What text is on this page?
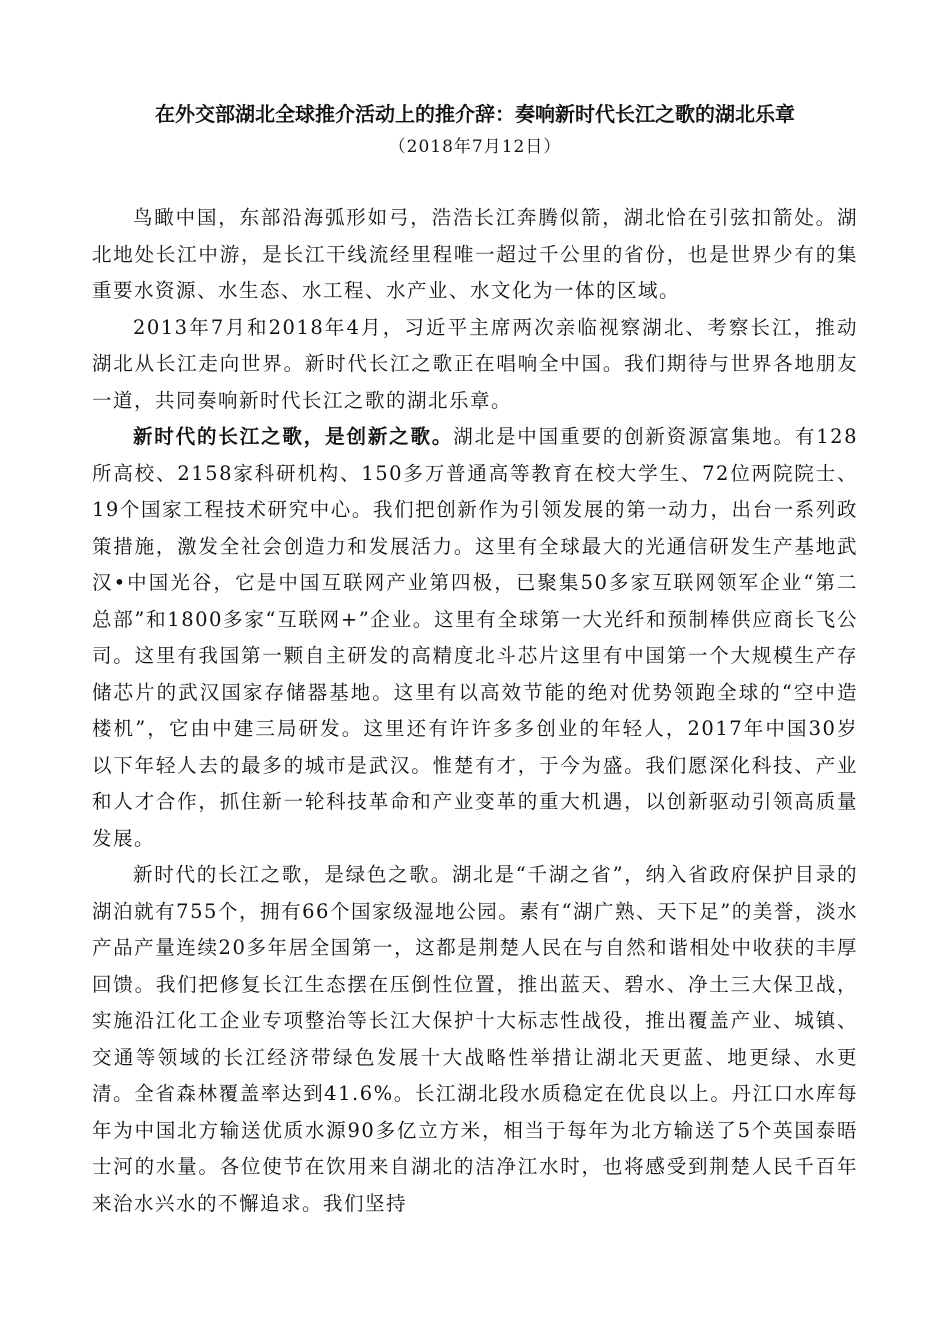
在外交部湖北全球推介活动上的推介辞：奏响新时代长江之歌的湖北乐章
（2018年7月12日）

鸟瞰中国，东部沿海弧形如弓，浩浩长江奔腾似箭，湖北恰在引弦扣箭处。湖北地处长江中游，是长江干线流经里程唯一超过千公里的省份，也是世界少有的集重要水资源、水生态、水工程、水产业、水文化为一体的区域。

2013年7月和2018年4月，习近平主席两次亲临视察湖北、考察长江，推动湖北从长江走向世界。新时代长江之歌正在唱响全中国。我们期待与世界各地朋友一道，共同奏响新时代长江之歌的湖北乐章。

新时代的长江之歌，是创新之歌。湖北是中国重要的创新资源富集地。有128所高校、2158家科研机构、150多万普通高等教育在校大学生、72位两院院士、19个国家工程技术研究中心。我们把创新作为引领发展的第一动力，出台一系列政策措施，激发全社会创造力和发展活力。这里有全球最大的光通信研发生产基地武汉•中国光谷，它是中国互联网产业第四极，已聚集50多家互联网领军企业“第二总部”和1800多家“互联网+”企业。这里有全球第一大光纤和预制棒供应商长飞公司。这里有我国第一颗自主研发的高精度北斗芯片这里有中国第一个大规模生产存储芯片的武汉国家存储器基地。这里有以高效节能的绝对优势领跑全球的“空中造楼机”，它由中建三局研发。这里还有许许多多创业的年轻人，2017年中国30岁以下年轻人去的最多的城市是武汉。惟楚有才，于今为盛。我们愿深化科技、产业和人才合作，抓住新一轮科技革命和产业变革的重大机遇，以创新驱动引领高质量发展。

新时代的长江之歌，是绿色之歌。湖北是“千湖之省”，纳入省政府保护目录的湖泊就有755个，拥有66个国家级湿地公园。素有“湖广熟、天下足”的美誉，淡水产品产量连续20多年居全国第一，这都是荆楚人民在与自然和谐相处中收获的丰厚回馈。我们把修复长江生态摆在压倒性位置，推出蓝天、碧水、净土三大保卫战，实施沿江化工企业专项整治等长江大保护十大标志性战役，推出覆盖产业、城镇、交通等领域的长江经济带绿色发展十大战略性举措让湖北天更蓝、地更绿、水更清。全省森林覆盖率达到41.6%。长江湖北段水质稳定在优良以上。丹江口水库每年为中国北方输送优质水源90多亿立方米，相当于每年为北方输送了5个英国泰晤士河的水量。各位使节在饮用来自湖北的洁净江水时，也将感受到荆楚人民千百年来治水兴水的不懈追求。我们坚持
